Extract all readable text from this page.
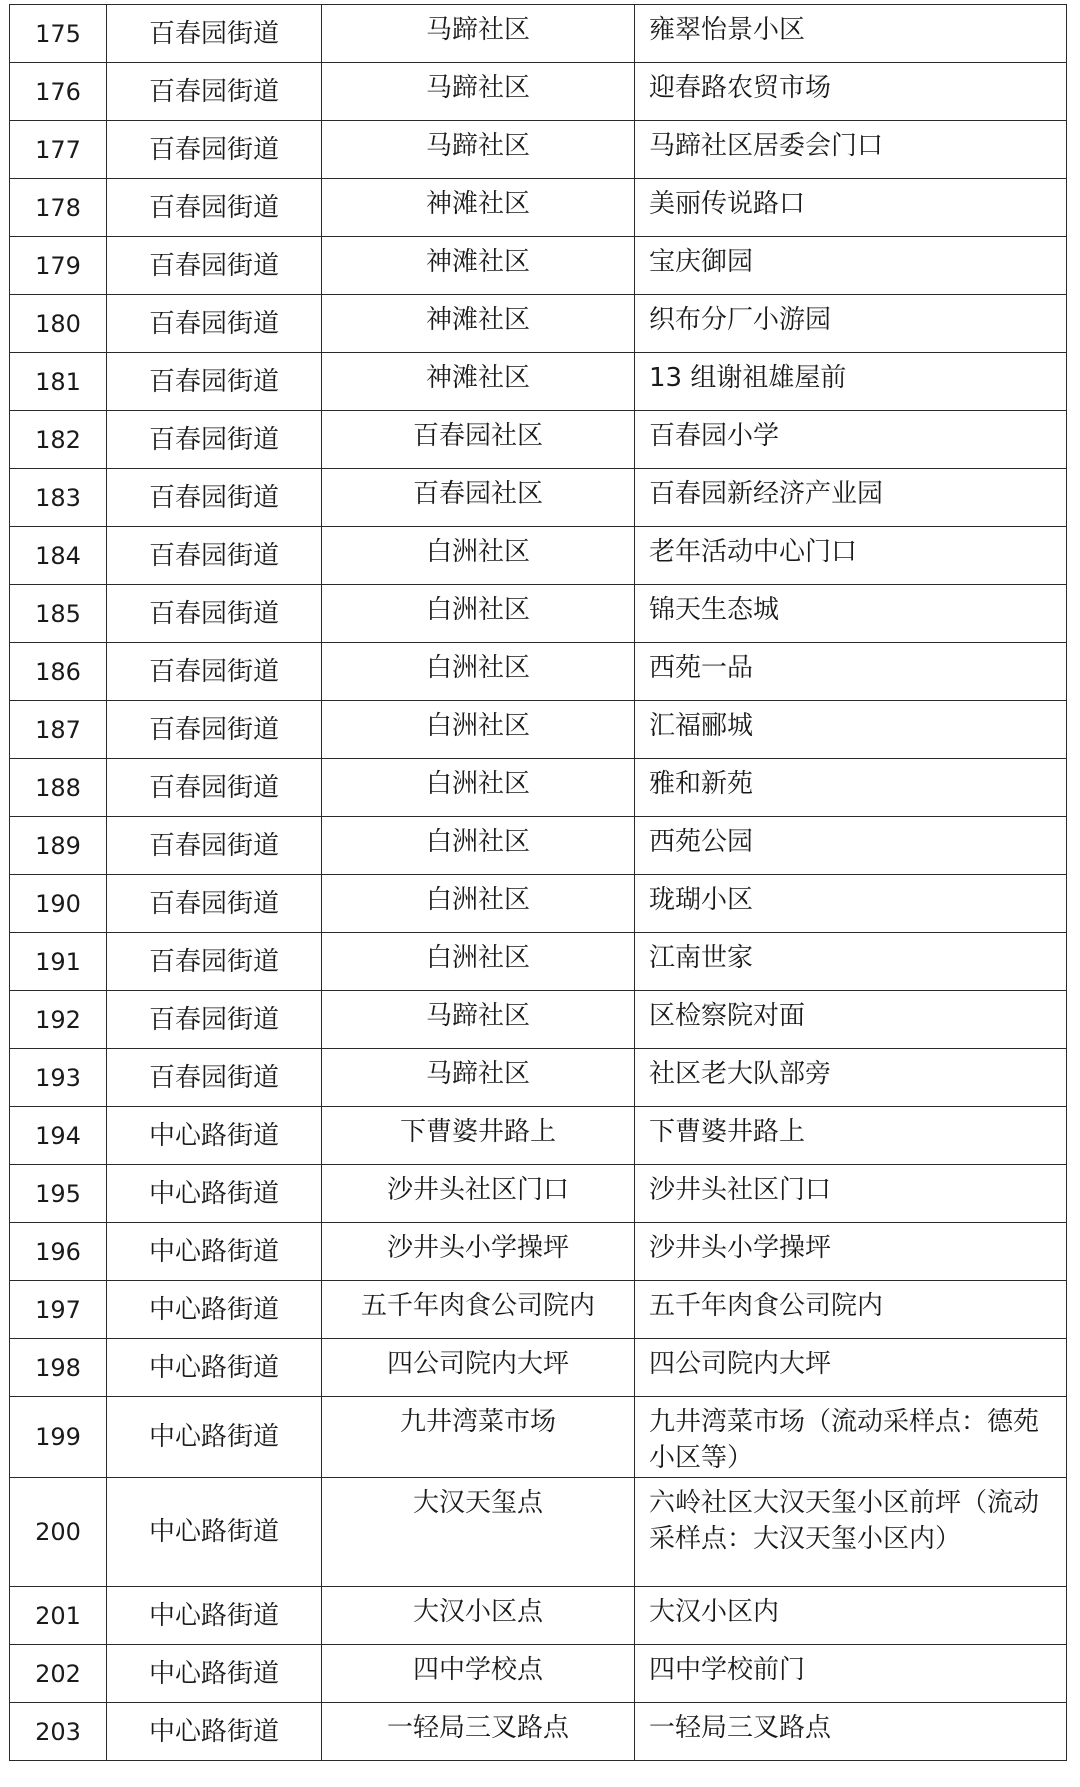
175	百春园街道	马蹄社区	雍翠怡景小区
176	百春园街道	马蹄社区	迎春路农贸市场
177	百春园街道	马蹄社区	马蹄社区居委会门口
178	百春园街道	神滩社区	美丽传说路口
179	百春园街道	神滩社区	宝庆御园
180	百春园街道	神滩社区	织布分厂小游园
181	百春园街道	神滩社区	13 组谢祖雄屋前
182	百春园街道	百春园社区	百春园小学
183	百春园街道	百春园社区	百春园新经济产业园
184	百春园街道	白洲社区	老年活动中心门口
185	百春园街道	白洲社区	锦天生态城
186	百春园街道	白洲社区	西苑一品
187	百春园街道	白洲社区	汇福郦城
188	百春园街道	白洲社区	雅和新苑
189	百春园街道	白洲社区	西苑公园
190	百春园街道	白洲社区	珑瑚小区
191	百春园街道	白洲社区	江南世家
192	百春园街道	马蹄社区	区检察院对面
193	百春园街道	马蹄社区	社区老大队部旁
194	中心路街道	下曹婆井路上	下曹婆井路上
195	中心路街道	沙井头社区门口	沙井头社区门口
196	中心路街道	沙井头小学操坪	沙井头小学操坪
197	中心路街道	五千年肉食公司院内	五千年肉食公司院内
198	中心路街道	四公司院内大坪	四公司院内大坪
199	中心路街道	九井湾菜市场	九井湾菜市场（流动采样点：德苑小区等）
200	中心路街道	大汉天玺点	六岭社区大汉天玺小区前坪（流动采样点：大汉天玺小区内）
201	中心路街道	大汉小区点	大汉小区内
202	中心路街道	四中学校点	四中学校前门
203	中心路街道	一轻局三叉路点	一轻局三叉路点
